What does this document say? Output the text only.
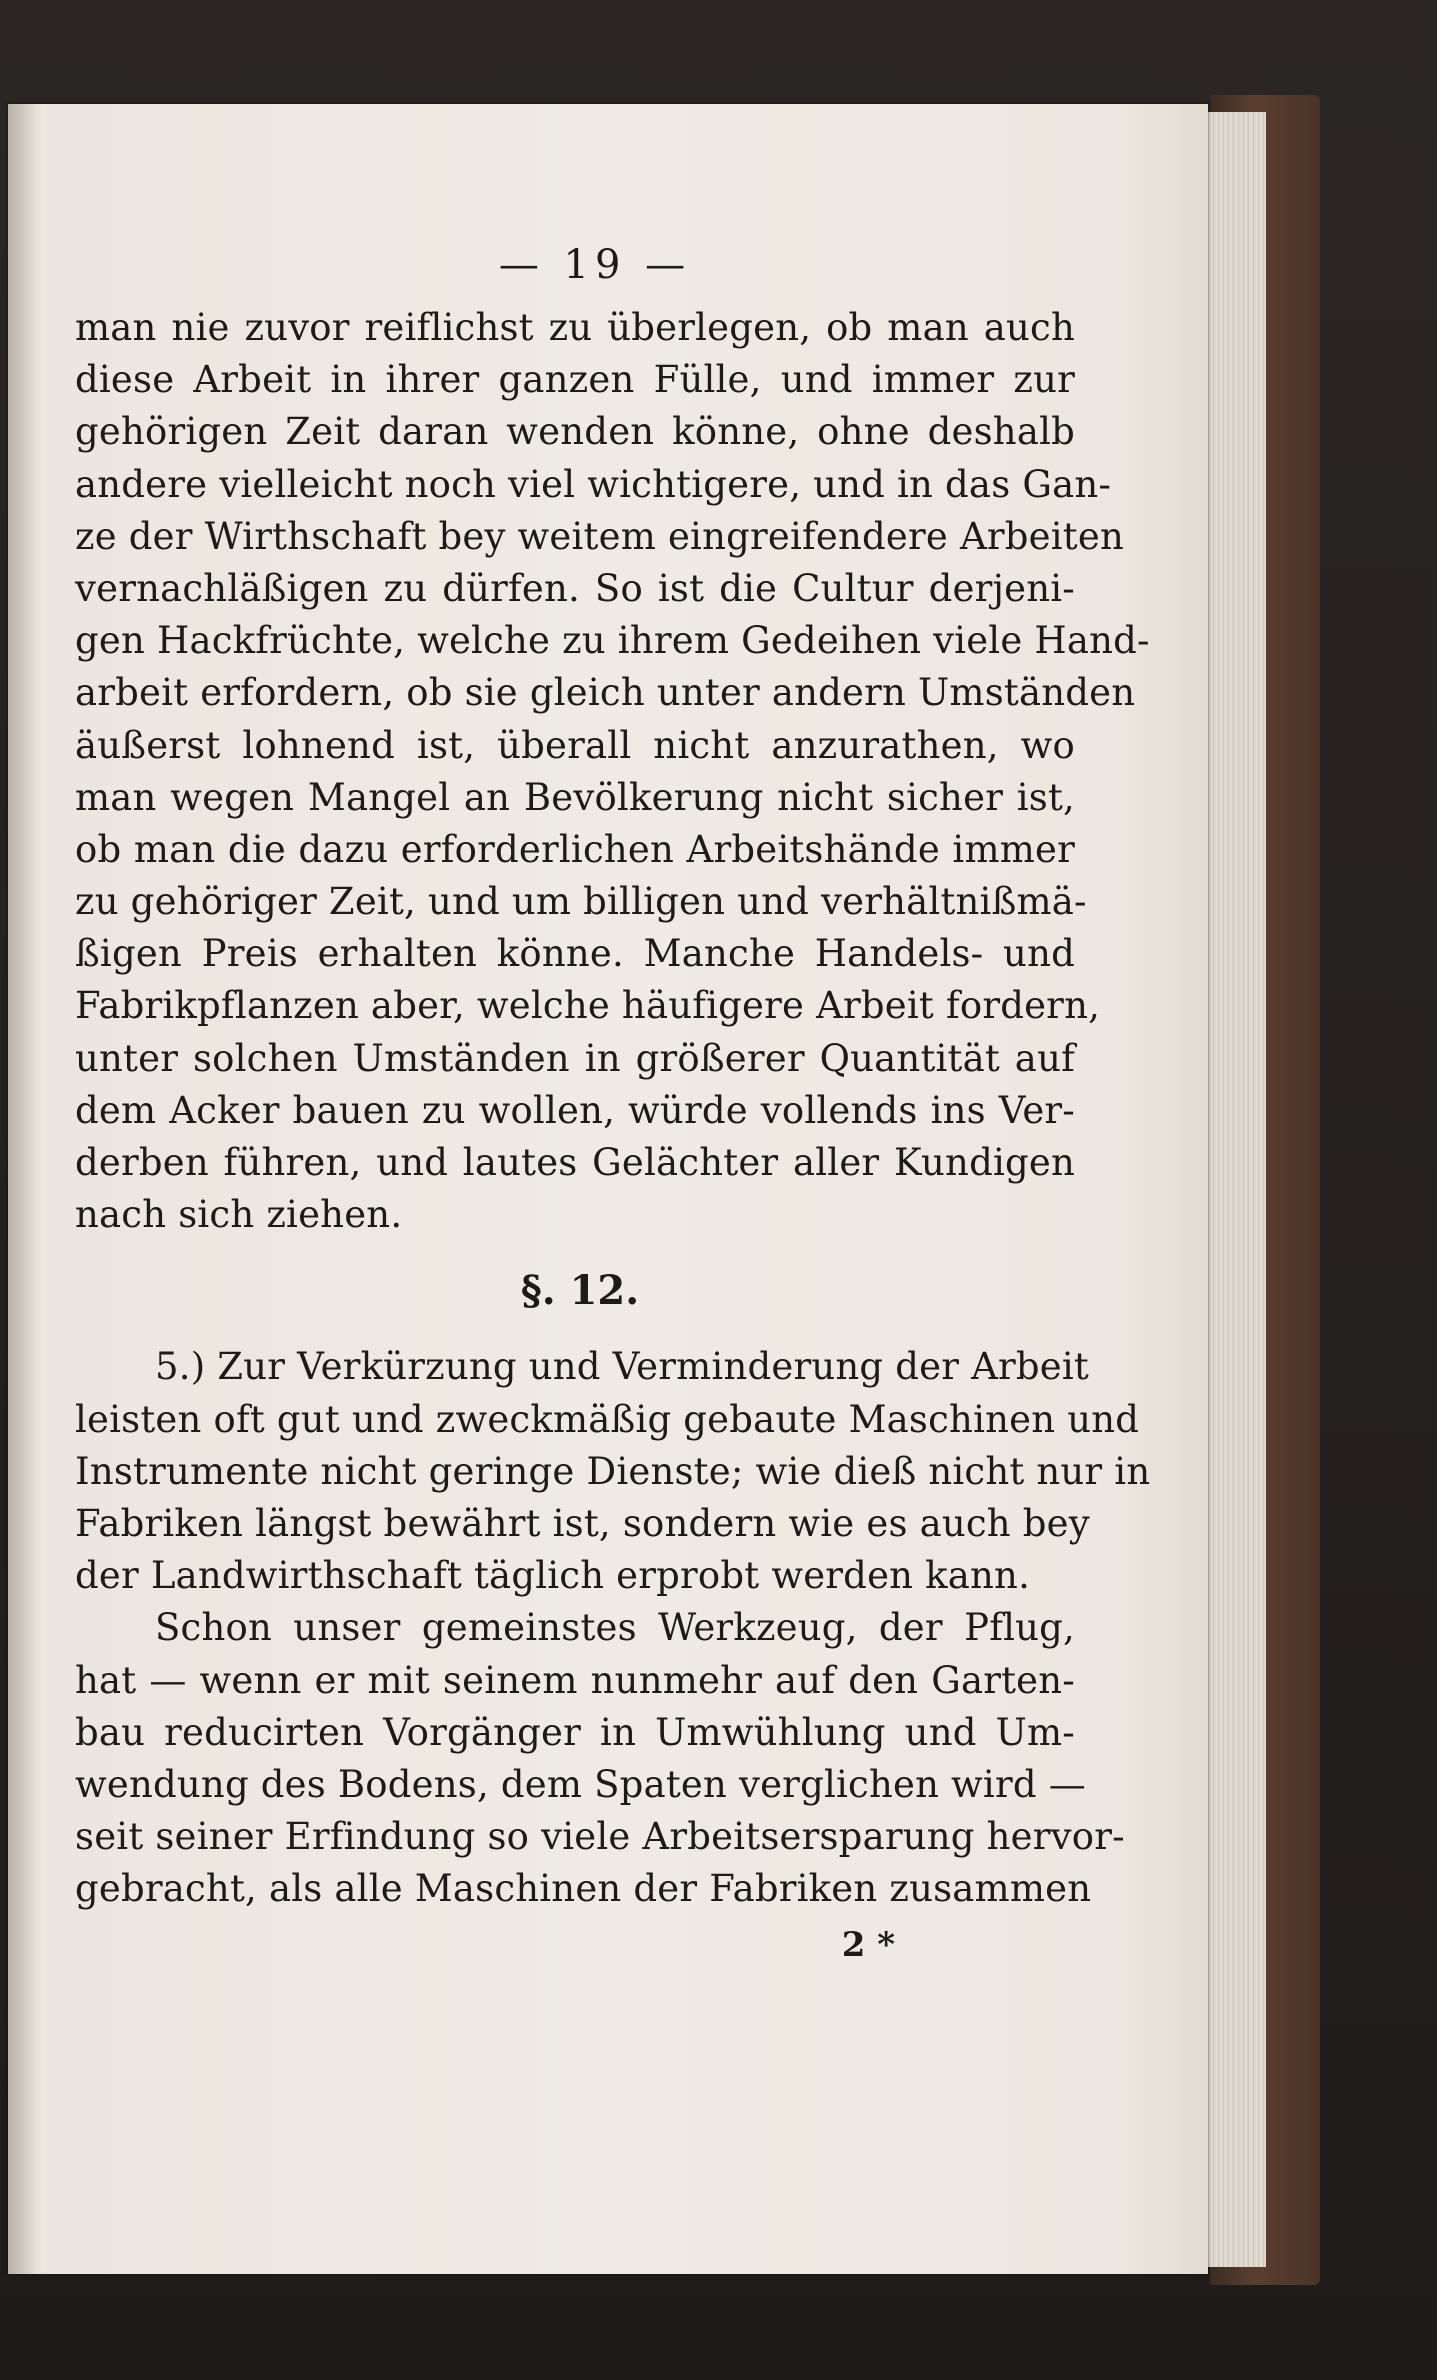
— 19 —
man nie zuvor reiflichst zu überlegen, ob man auch
diese Arbeit in ihrer ganzen Fülle, und immer zur
gehörigen Zeit daran wenden könne, ohne deshalb
andere vielleicht noch viel wichtigere, und in das Gan-
ze der Wirthschaft bey weitem eingreifendere Arbeiten
vernachläßigen zu dürfen. So ist die Cultur derjeni-
gen Hackfrüchte, welche zu ihrem Gedeihen viele Hand-
arbeit erfordern, ob sie gleich unter andern Umständen
äußerst lohnend ist, überall nicht anzurathen, wo
man wegen Mangel an Bevölkerung nicht sicher ist,
ob man die dazu erforderlichen Arbeitshände immer
zu gehöriger Zeit, und um billigen und verhältnißmä-
ßigen Preis erhalten könne. Manche Handels- und
Fabrikpflanzen aber, welche häufigere Arbeit fordern,
unter solchen Umständen in größerer Quantität auf
dem Acker bauen zu wollen, würde vollends ins Ver-
derben führen, und lautes Gelächter aller Kundigen
nach sich ziehen.
§. 12.
5.) Zur Verkürzung und Verminderung der Arbeit
leisten oft gut und zweckmäßig gebaute Maschinen und
Instrumente nicht geringe Dienste; wie dieß nicht nur in
Fabriken längst bewährt ist, sondern wie es auch bey
der Landwirthschaft täglich erprobt werden kann.
Schon unser gemeinstes Werkzeug, der Pflug,
hat — wenn er mit seinem nunmehr auf den Garten-
bau reducirten Vorgänger in Umwühlung und Um-
wendung des Bodens, dem Spaten verglichen wird —
seit seiner Erfindung so viele Arbeitsersparung hervor-
gebracht, als alle Maschinen der Fabriken zusammen
2 *
